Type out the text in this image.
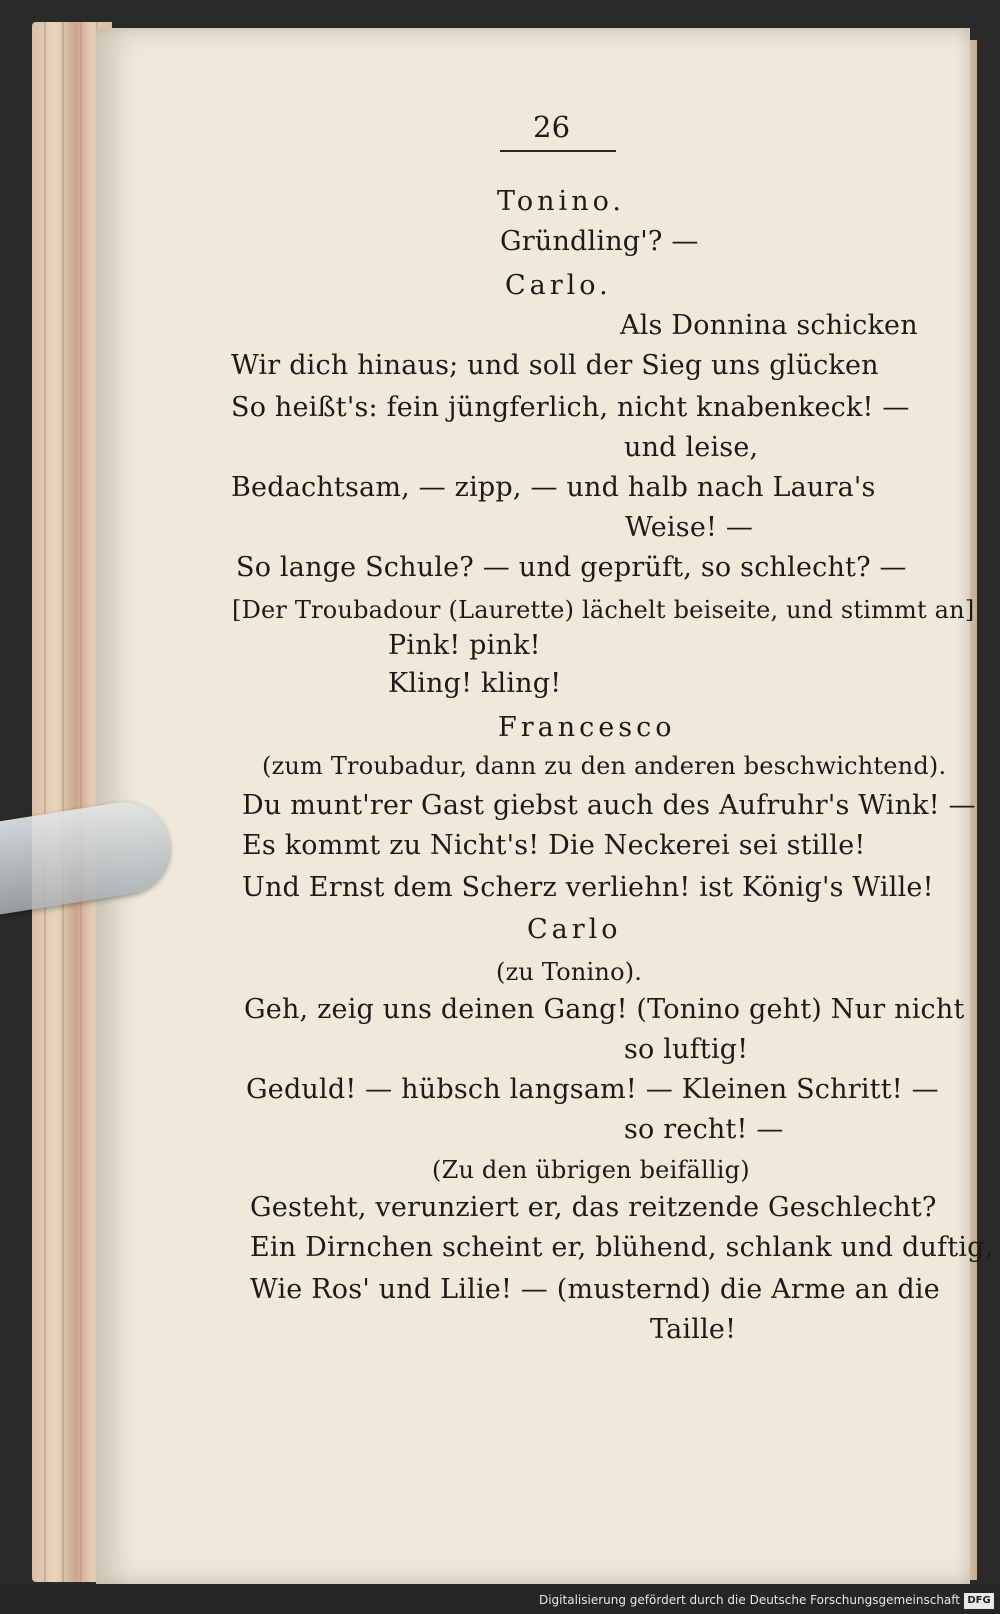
26
Tonino.
Gründling'? —
Carlo.
Als Donnina schicken
Wir dich hinaus; und soll der Sieg uns glücken
So heißt's: fein jüngferlich, nicht knabenkeck! —
und leise,
Bedachtsam, — zipp, — und halb nach Laura's
Weise! —
So lange Schule? — und geprüft, so schlecht? —
[Der Troubadour (Laurette) lächelt beiseite, und stimmt an]
Pink! pink!
Kling! kling!
Francesco
(zum Troubadur, dann zu den anderen beschwichtend).
Du munt'rer Gast giebst auch des Aufruhr's Wink! —
Es kommt zu Nicht's! Die Neckerei sei stille!
Und Ernst dem Scherz verliehn! ist König's Wille!
Carlo
(zu Tonino).
Geh, zeig uns deinen Gang! (Tonino geht) Nur nicht
so luftig!
Geduld! — hübsch langsam! — Kleinen Schritt! —
so recht! —
(Zu den übrigen beifällig)
Gesteht, verunziert er, das reitzende Geschlecht?
Ein Dirnchen scheint er, blühend, schlank und duftig,
Wie Ros' und Lilie! — (musternd) die Arme an die
Taille!
Digitalisierung gefördert durch die Deutsche Forschungsgemeinschaft DFG
